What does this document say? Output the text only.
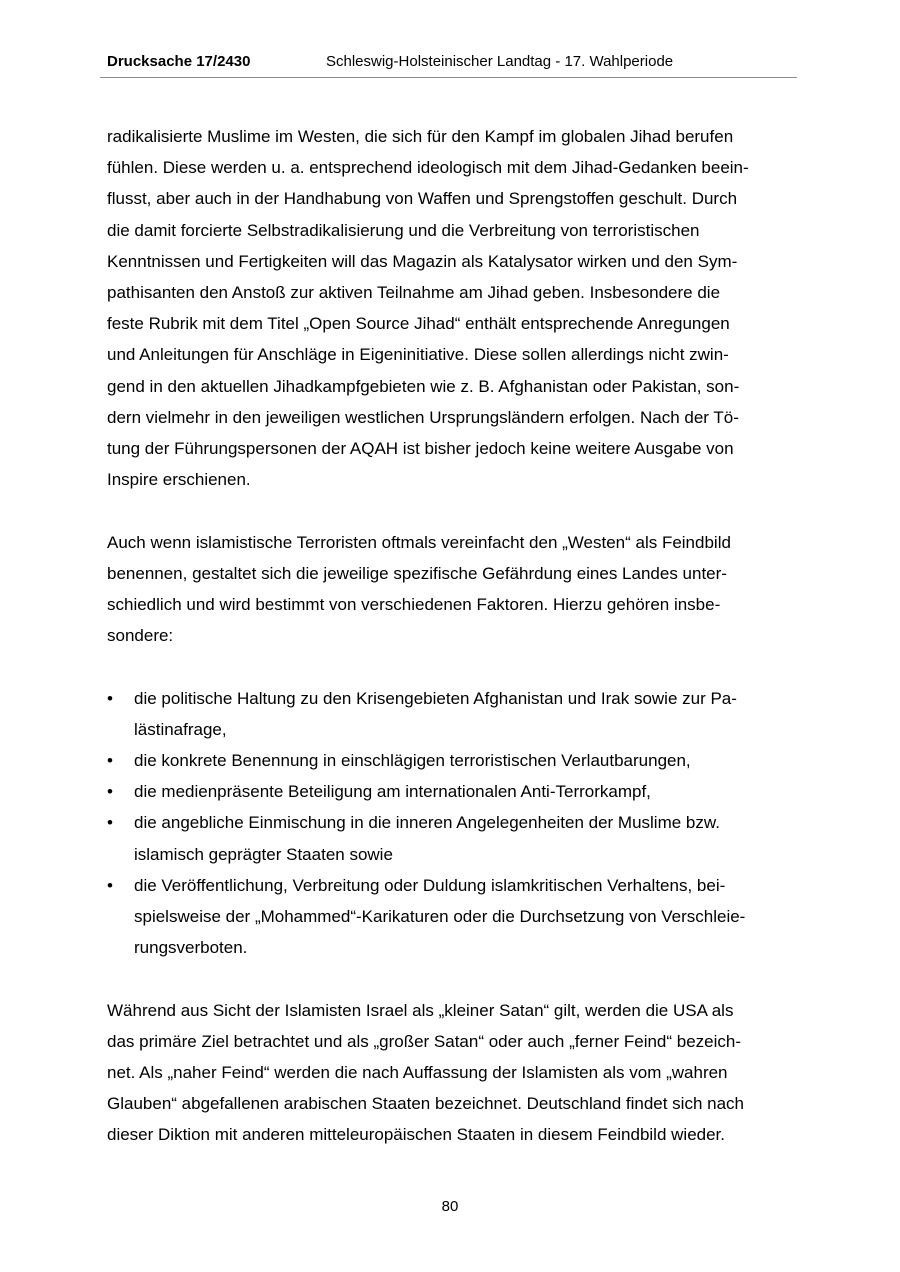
Drucksache 17/2430	Schleswig-Holsteinischer Landtag - 17. Wahlperiode

radikalisierte Muslime im Westen, die sich für den Kampf im globalen Jihad berufen
fühlen. Diese werden u. a. entsprechend ideologisch mit dem Jihad-Gedanken beein-
flusst, aber auch in der Handhabung von Waffen und Sprengstoffen geschult. Durch
die damit forcierte Selbstradikalisierung und die Verbreitung von terroristischen
Kenntnissen und Fertigkeiten will das Magazin als Katalysator wirken und den Sym-
pathisanten den Anstoß zur aktiven Teilnahme am Jihad geben. Insbesondere die
feste Rubrik mit dem Titel „Open Source Jihad“ enthält entsprechende Anregungen
und Anleitungen für Anschläge in Eigeninitiative. Diese sollen allerdings nicht zwin-
gend in den aktuellen Jihadkampfgebieten wie z. B. Afghanistan oder Pakistan, son-
dern vielmehr in den jeweiligen westlichen Ursprungsländern erfolgen. Nach der Tö-
tung der Führungspersonen der AQAH ist bisher jedoch keine weitere Ausgabe von
Inspire erschienen.

Auch wenn islamistische Terroristen oftmals vereinfacht den „Westen“ als Feindbild
benennen, gestaltet sich die jeweilige spezifische Gefährdung eines Landes unter-
schiedlich und wird bestimmt von verschiedenen Faktoren. Hierzu gehören insbe-
sondere:

• die politische Haltung zu den Krisengebieten Afghanistan und Irak sowie zur Pa-
lästinafrage,
• die konkrete Benennung in einschlägigen terroristischen Verlautbarungen,
• die medienpräsente Beteiligung am internationalen Anti-Terrorkampf,
• die angebliche Einmischung in die inneren Angelegenheiten der Muslime bzw.
islamisch geprägter Staaten sowie
• die Veröffentlichung, Verbreitung oder Duldung islamkritischen Verhaltens, bei-
spielsweise der „Mohammed“-Karikaturen oder die Durchsetzung von Verschleie-
rungsverboten.

Während aus Sicht der Islamisten Israel als „kleiner Satan“ gilt, werden die USA als
das primäre Ziel betrachtet und als „großer Satan“ oder auch „ferner Feind“ bezeich-
net. Als „naher Feind“ werden die nach Auffassung der Islamisten als vom „wahren
Glauben“ abgefallenen arabischen Staaten bezeichnet. Deutschland findet sich nach
dieser Diktion mit anderen mitteleuropäischen Staaten in diesem Feindbild wieder.

80
